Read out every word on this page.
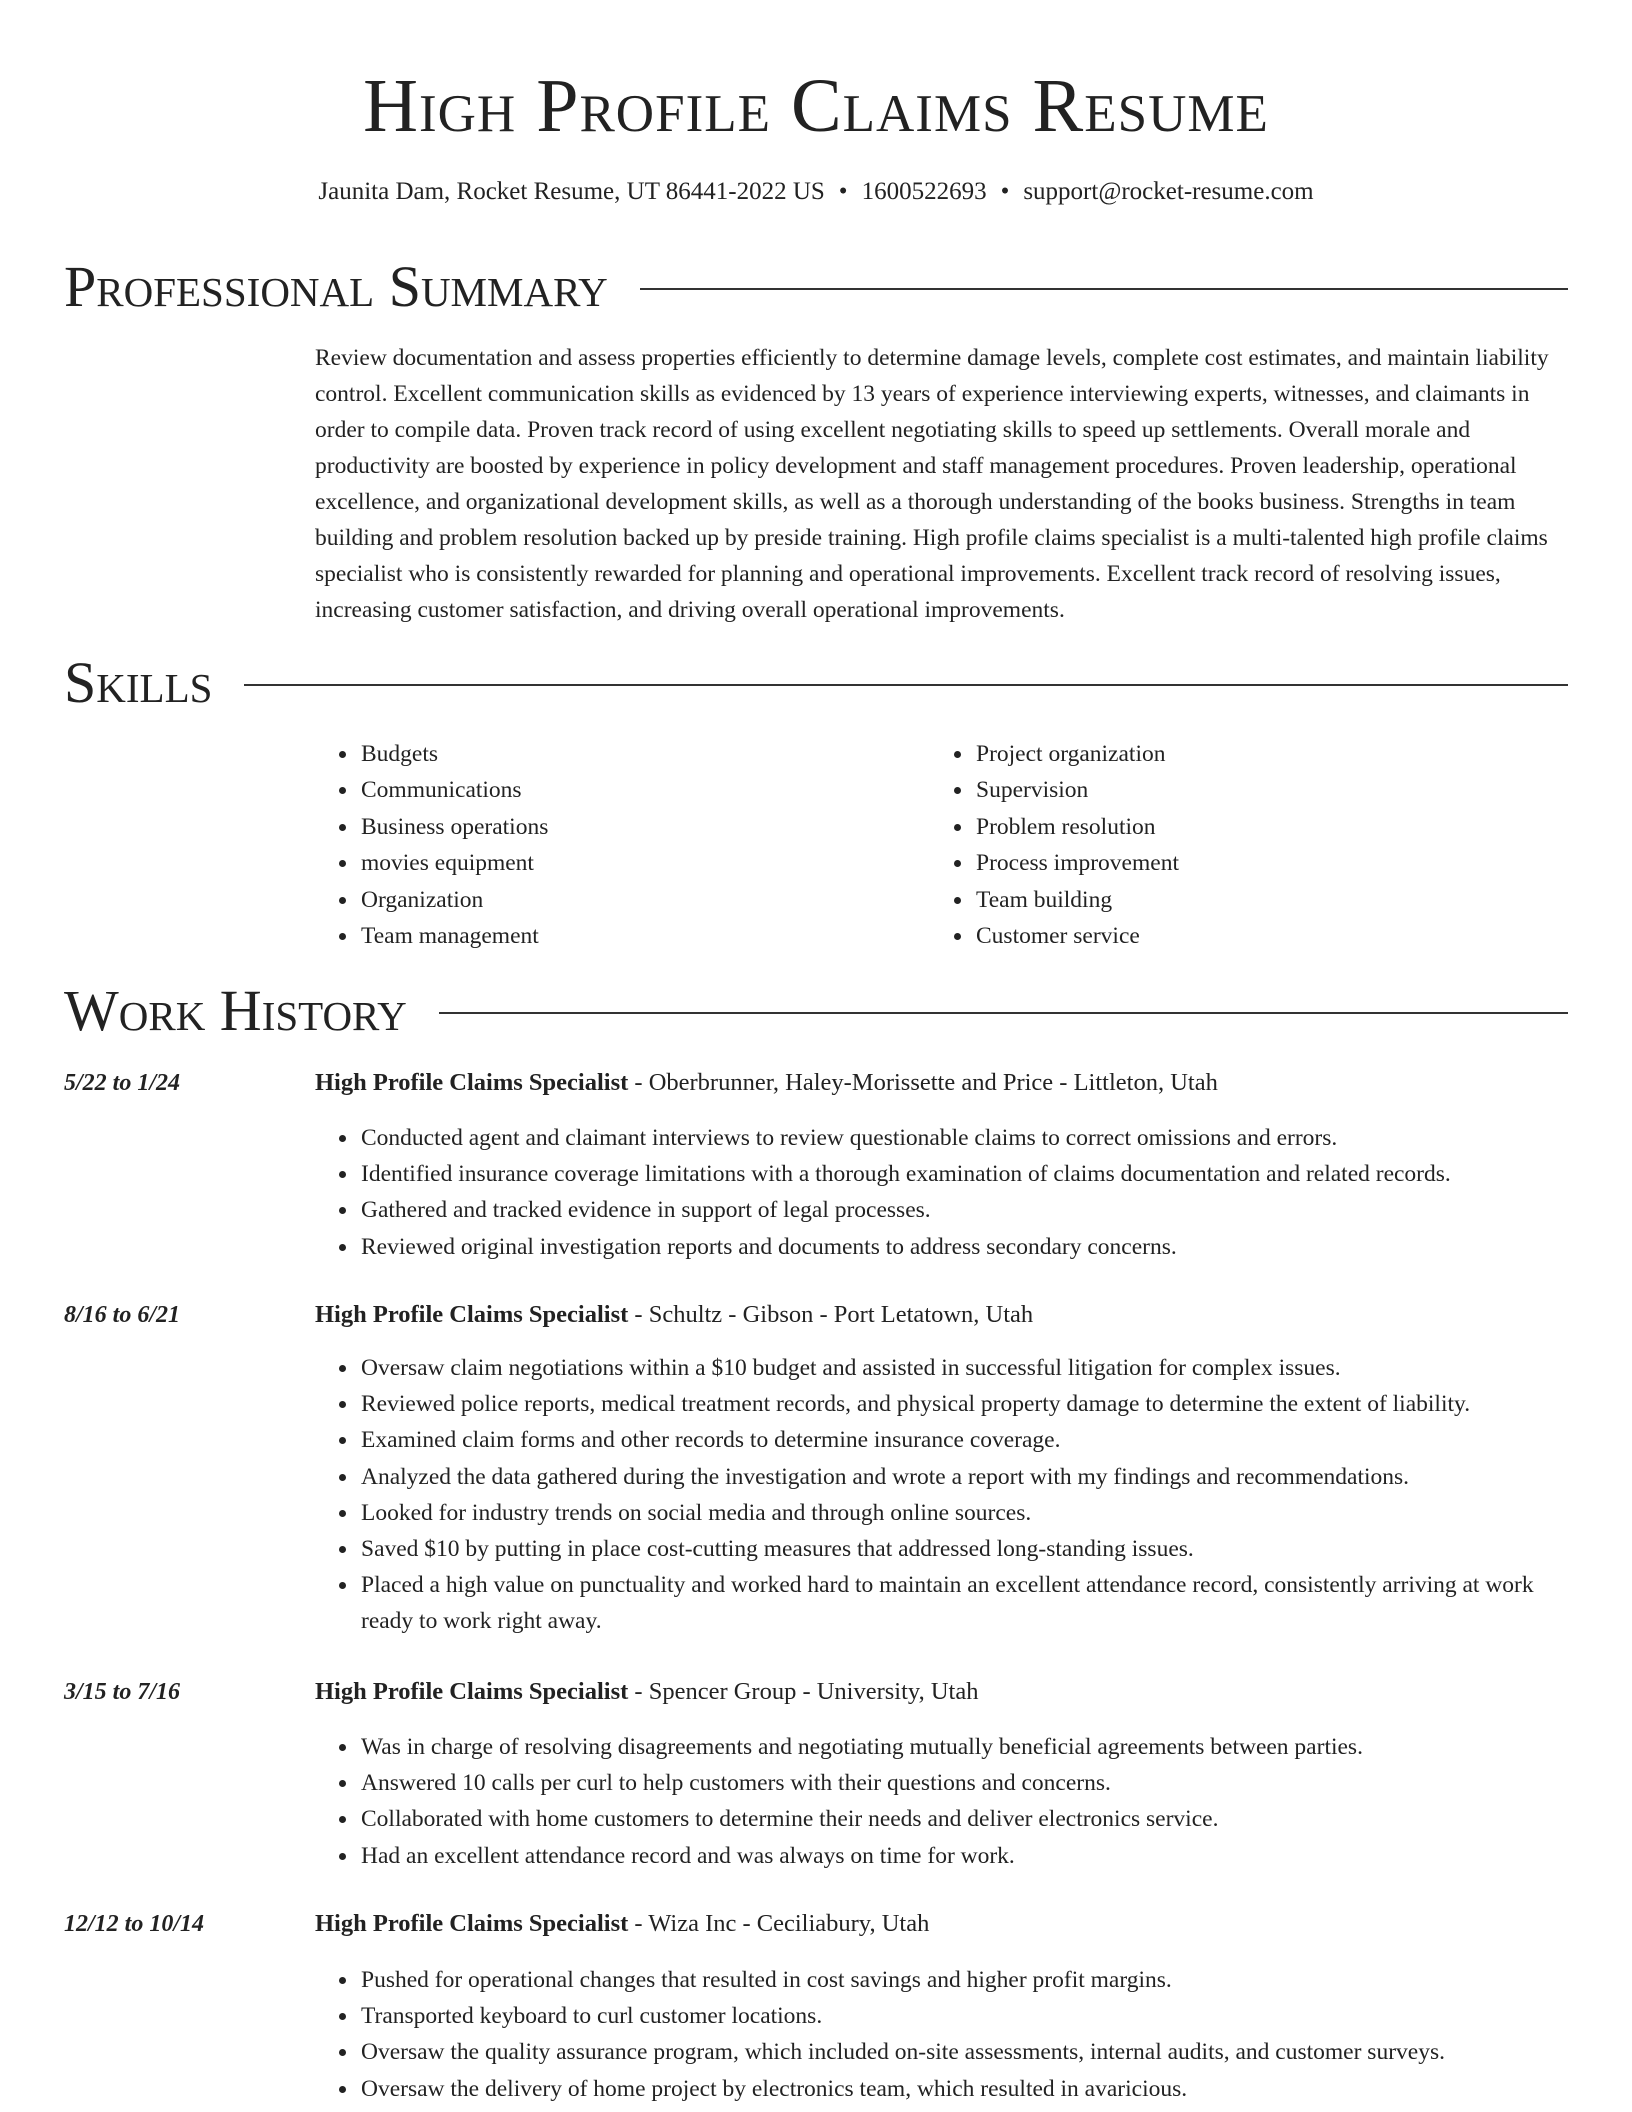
High Profile Claims Resume
Jaunita Dam, Rocket Resume, UT 86441-2022 US • 1600522693 • support@rocket-resume.com
Professional Summary

Review documentation and assess properties efficiently to determine damage levels, complete cost estimates, and maintain liability control. Excellent communication skills as evidenced by 13 years of experience interviewing experts, witnesses, and claimants in order to compile data. Proven track record of using excellent negotiating skills to speed up settlements. Overall morale and productivity are boosted by experience in policy development and staff management procedures. Proven leadership, operational excellence, and organizational development skills, as well as a thorough understanding of the books business. Strengths in team building and problem resolution backed up by preside training. High profile claims specialist is a multi-talented high profile claims specialist who is consistently rewarded for planning and operational improvements. Excellent track record of resolving issues, increasing customer satisfaction, and driving overall operational improvements.

Skills
• Budgets
• Communications
• Business operations
• movies equipment
• Organization
• Team management
• Project organization
• Supervision
• Problem resolution
• Process improvement
• Team building
• Customer service
Work History
5/22 to 1/24	High Profile Claims Specialist - Oberbrunner, Haley-Morissette and Price - Littleton, Utah
• Conducted agent and claimant interviews to review questionable claims to correct omissions and errors.
• Identified insurance coverage limitations with a thorough examination of claims documentation and related records.
• Gathered and tracked evidence in support of legal processes.
• Reviewed original investigation reports and documents to address secondary concerns.
8/16 to 6/21	High Profile Claims Specialist - Schultz - Gibson - Port Letatown, Utah
• Oversaw claim negotiations within a $10 budget and assisted in successful litigation for complex issues.
• Reviewed police reports, medical treatment records, and physical property damage to determine the extent of liability.
• Examined claim forms and other records to determine insurance coverage.
• Analyzed the data gathered during the investigation and wrote a report with my findings and recommendations.
• Looked for industry trends on social media and through online sources.
• Saved $10 by putting in place cost-cutting measures that addressed long-standing issues.
• Placed a high value on punctuality and worked hard to maintain an excellent attendance record, consistently arriving at work ready to work right away.
3/15 to 7/16	High Profile Claims Specialist - Spencer Group - University, Utah
• Was in charge of resolving disagreements and negotiating mutually beneficial agreements between parties.
• Answered 10 calls per curl to help customers with their questions and concerns.
• Collaborated with home customers to determine their needs and deliver electronics service.
• Had an excellent attendance record and was always on time for work.
12/12 to 10/14	High Profile Claims Specialist - Wiza Inc - Ceciliabury, Utah
• Pushed for operational changes that resulted in cost savings and higher profit margins.
• Transported keyboard to curl customer locations.
• Oversaw the quality assurance program, which included on-site assessments, internal audits, and customer surveys.
• Oversaw the delivery of home project by electronics team, which resulted in avaricious.
